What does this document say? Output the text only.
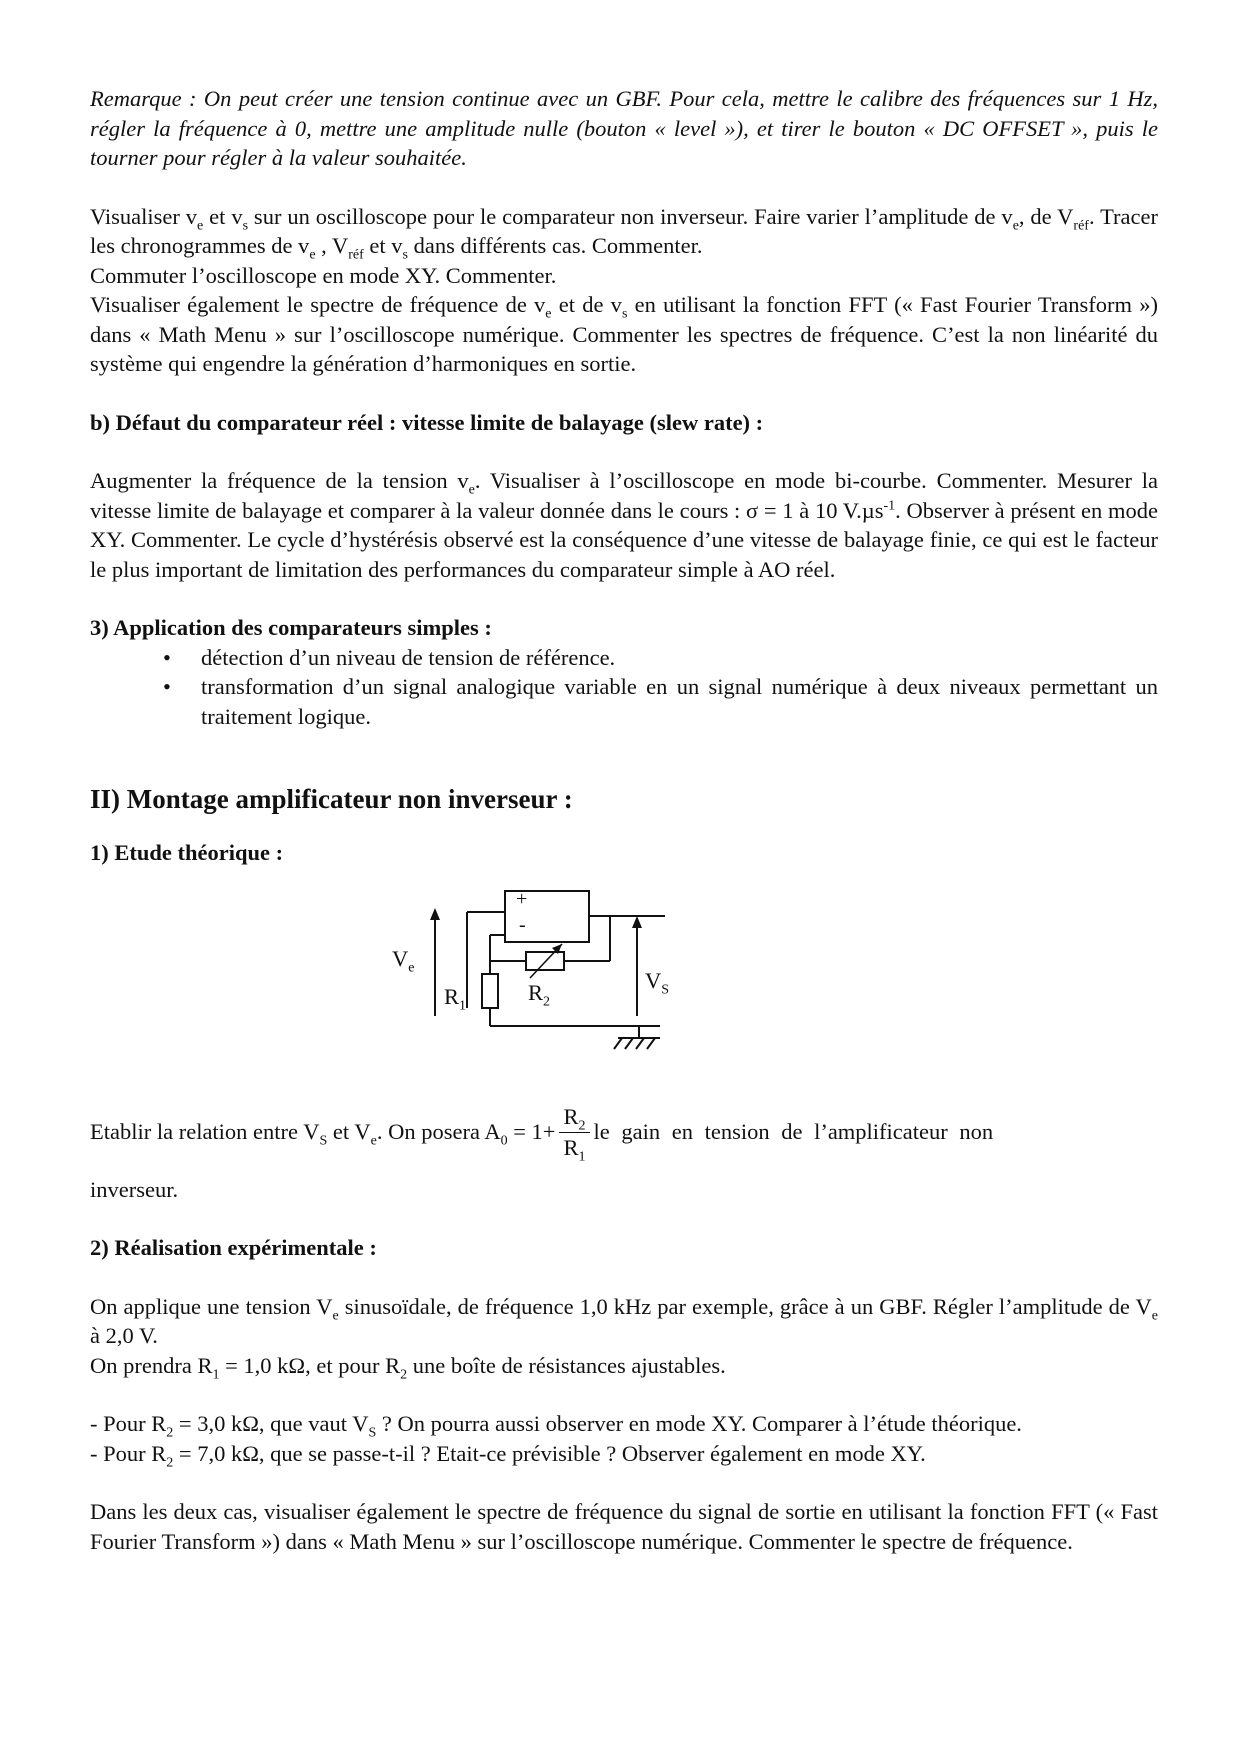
Remarque : On peut créer une tension continue avec un GBF. Pour cela, mettre le calibre des fréquences sur 1 Hz, régler la fréquence à 0, mettre une amplitude nulle (bouton « level »), et tirer le bouton « DC OFFSET », puis le tourner pour régler à la valeur souhaitée.

Visualiser $v_e$ et $v_s$ sur un oscilloscope pour le comparateur non inverseur. Faire varier l’amplitude de $v_e$, de $V_{réf}$. Tracer les chronogrammes de $v_e$ , $V_{réf}$ et $v_s$ dans différents cas. Commenter.

Commuter l’oscilloscope en mode XY. Commenter.

Visualiser également le spectre de fréquence de $v_e$ et de $v_s$ en utilisant la fonction FFT (« Fast Fourier Transform ») dans « Math Menu » sur l’oscilloscope numérique. Commenter les spectres de fréquence. C’est la non linéarité du système qui engendre la génération d’harmoniques en sortie.

b) Défaut du comparateur réel : vitesse limite de balayage (slew rate) :

Augmenter la fréquence de la tension $v_e$. Visualiser à l’oscilloscope en mode bi-courbe. Commenter. Mesurer la vitesse limite de balayage et comparer à la valeur donnée dans le cours : σ = 1 à 10 V.µs$^{-1}$. Observer à présent en mode XY. Commenter. Le cycle d’hystérésis observé est la conséquence d’une vitesse de balayage finie, ce qui est le facteur le plus important de limitation des performances du comparateur simple à AO réel.

3) Application des comparateurs simples :
• détection d’un niveau de tension de référence.
• transformation d’un signal analogique variable en un signal numérique à deux niveaux permettant un traitement logique.
II) Montage amplificateur non inverseur :
1) Etude théorique :
+
-
$V_e$
$R_1$
$R_2$
$V_S$
Etablir la relation entre $V_S$ et $V_e$. On posera $A_0 = 1+ \frac{R_2}{R_1}$ le gain en tension de l’amplificateur non

inverseur.

2) Réalisation expérimentale :

On applique une tension $V_e$ sinusoïdale, de fréquence 1,0 kHz par exemple, grâce à un GBF. Régler l’amplitude de $V_e$ à 2,0 V.

On prendra $R_1 = 1,0$ kΩ, et pour $R_2$ une boîte de résistances ajustables.

- Pour $R_2 = 3,0$ kΩ, que vaut $V_S$ ? On pourra aussi observer en mode XY. Comparer à l’étude théorique.

- Pour $R_2 = 7,0$ kΩ, que se passe-t-il ? Etait-ce prévisible ? Observer également en mode XY.

Dans les deux cas, visualiser également le spectre de fréquence du signal de sortie en utilisant la fonction FFT (« Fast Fourier Transform ») dans « Math Menu » sur l’oscilloscope numérique. Commenter le spectre de fréquence.
